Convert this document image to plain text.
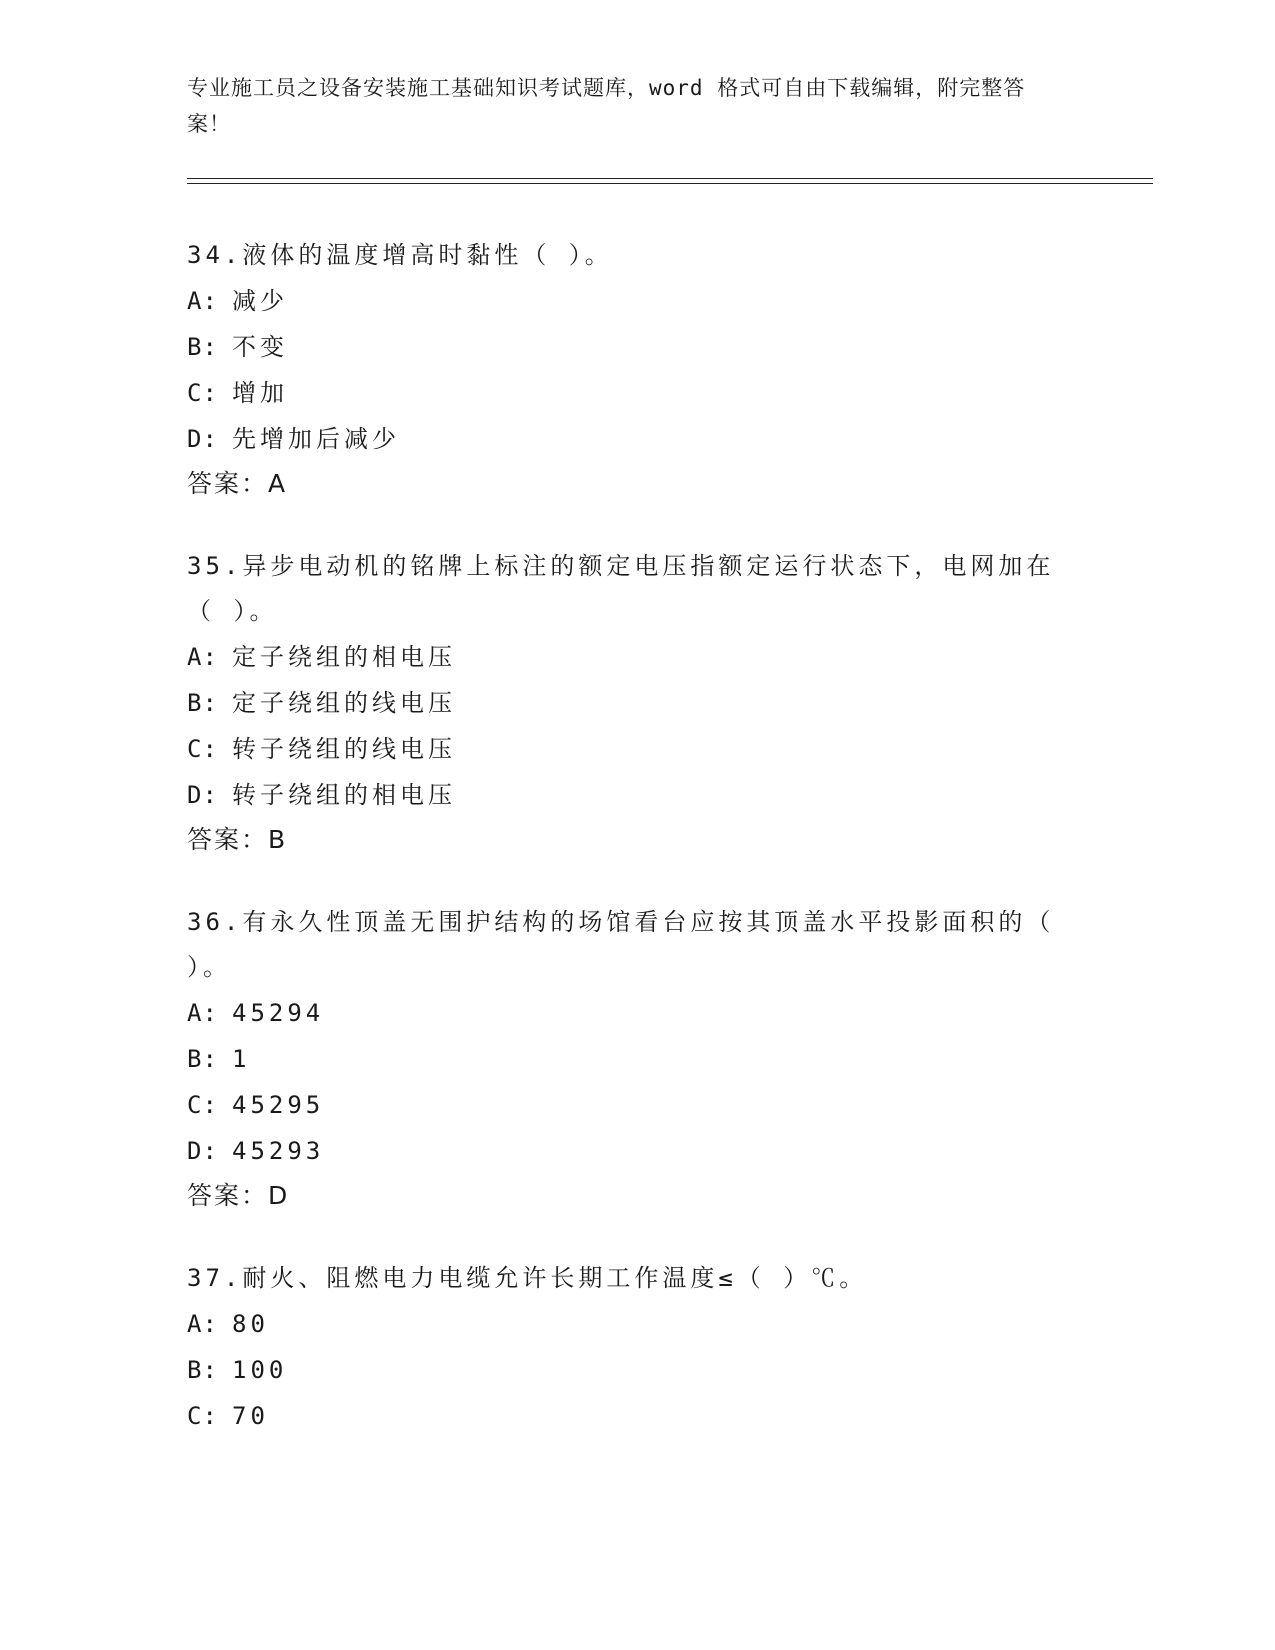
专业施工员之设备安装施工基础知识考试题库，word 格式可自由下载编辑，附完整答案！
34.液体的温度增高时黏性（ ）。
A: 减少
B: 不变
C: 增加
D: 先增加后减少
答案：A
35.异步电动机的铭牌上标注的额定电压指额定运行状态下，电网加在（ ）。
A: 定子绕组的相电压
B: 定子绕组的线电压
C: 转子绕组的线电压
D: 转子绕组的相电压
答案：B
36.有永久性顶盖无围护结构的场馆看台应按其顶盖水平投影面积的（ ）。
A: 45294
B: 1
C: 45295
D: 45293
答案：D
37.耐火、阻燃电力电缆允许长期工作温度≤（ ）℃。
A: 80
B: 100
C: 70
